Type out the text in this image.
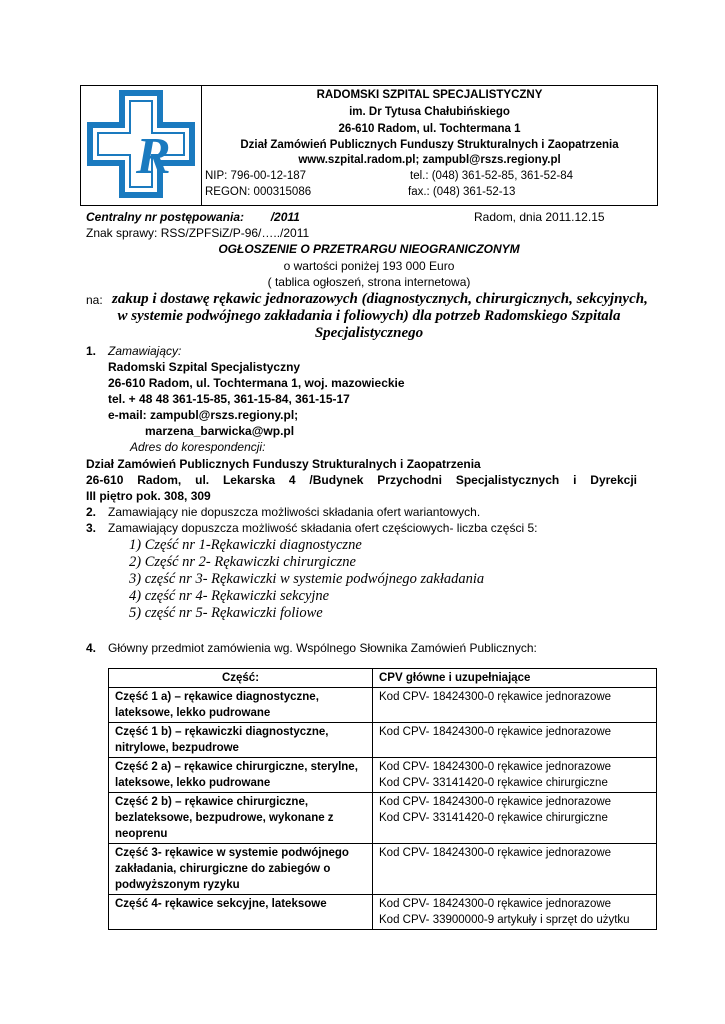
R
RADOMSKI SZPITAL SPECJALISTYCZNY
im. Dr Tytusa Chałubińskiego
26-610 Radom, ul. Tochtermana 1
Dział Zamówień Publicznych Funduszy Strukturalnych i Zaopatrzenia
www.szpital.radom.pl; zampubl@rszs.regiony.pl
NIP: 796-00-12-187	tel.: (048) 361-52-85, 361-52-84
REGON: 000315086	fax.: (048) 361-52-13
Centralny nr postępowania:        /2011	Radom, dnia 2011.12.15
Znak sprawy: RSS/ZPFSiZ/P-96/…../2011
OGŁOSZENIE O PRZETRARGU NIEOGRANICZONYM
o wartości poniżej 193 000 Euro
( tablica ogłoszeń, strona internetowa)
na: zakup i dostawę rękawic jednorazowych (diagnostycznych, chirurgicznych, sekcyjnych,
w systemie podwójnego zakładania i foliowych) dla potrzeb Radomskiego Szpitala
Specjalistycznego
1. Zamawiający:
Radomski Szpital Specjalistyczny
26-610 Radom, ul. Tochtermana 1, woj. mazowieckie
tel. + 48 48 361-15-85, 361-15-84, 361-15-17
e-mail: zampubl@rszs.regiony.pl;
marzena_barwicka@wp.pl
Adres do korespondencji:
Dział Zamówień Publicznych Funduszy Strukturalnych i Zaopatrzenia
26-610 Radom, ul. Lekarska 4 /Budynek Przychodni Specjalistycznych i Dyrekcji
III piętro pok. 308, 309
2. Zamawiający nie dopuszcza możliwości składania ofert wariantowych.
3. Zamawiający dopuszcza możliwość składania ofert częściowych- liczba części 5:
1) Część nr 1-Rękawiczki diagnostyczne
2) Część nr 2- Rękawiczki chirurgiczne
3) część nr 3- Rękawiczki w systemie podwójnego zakładania
4) część nr 4- Rękawiczki sekcyjne
5) część nr 5- Rękawiczki foliowe
4. Główny przedmiot zamówienia wg. Wspólnego Słownika Zamówień Publicznych:
Część:	CPV główne i uzupełniające
Część 1 a) – rękawice diagnostyczne, lateksowe, lekko pudrowane	Kod CPV- 18424300-0 rękawice jednorazowe

Część 1 b) – rękawiczki diagnostyczne, nitrylowe, bezpudrowe	Kod CPV- 18424300-0 rękawice jednorazowe

Część 2 a) – rękawice chirurgiczne, sterylne, lateksowe, lekko pudrowane	Kod CPV- 18424300-0 rękawice jednorazowe
Kod CPV- 33141420-0 rękawice chirurgiczne

Część 2 b) – rękawice chirurgiczne, bezlateksowe, bezpudrowe, wykonane z neoprenu	Kod CPV- 18424300-0 rękawice jednorazowe
Kod CPV- 33141420-0 rękawice chirurgiczne

Część 3- rękawice w systemie podwójnego zakładania, chirurgiczne do zabiegów o podwyższonym ryzyku	Kod CPV- 18424300-0 rękawice jednorazowe

Część 4- rękawice sekcyjne, lateksowe	Kod CPV- 18424300-0 rękawice jednorazowe
Kod CPV- 33900000-9 artykuły i sprzęt do użytku
